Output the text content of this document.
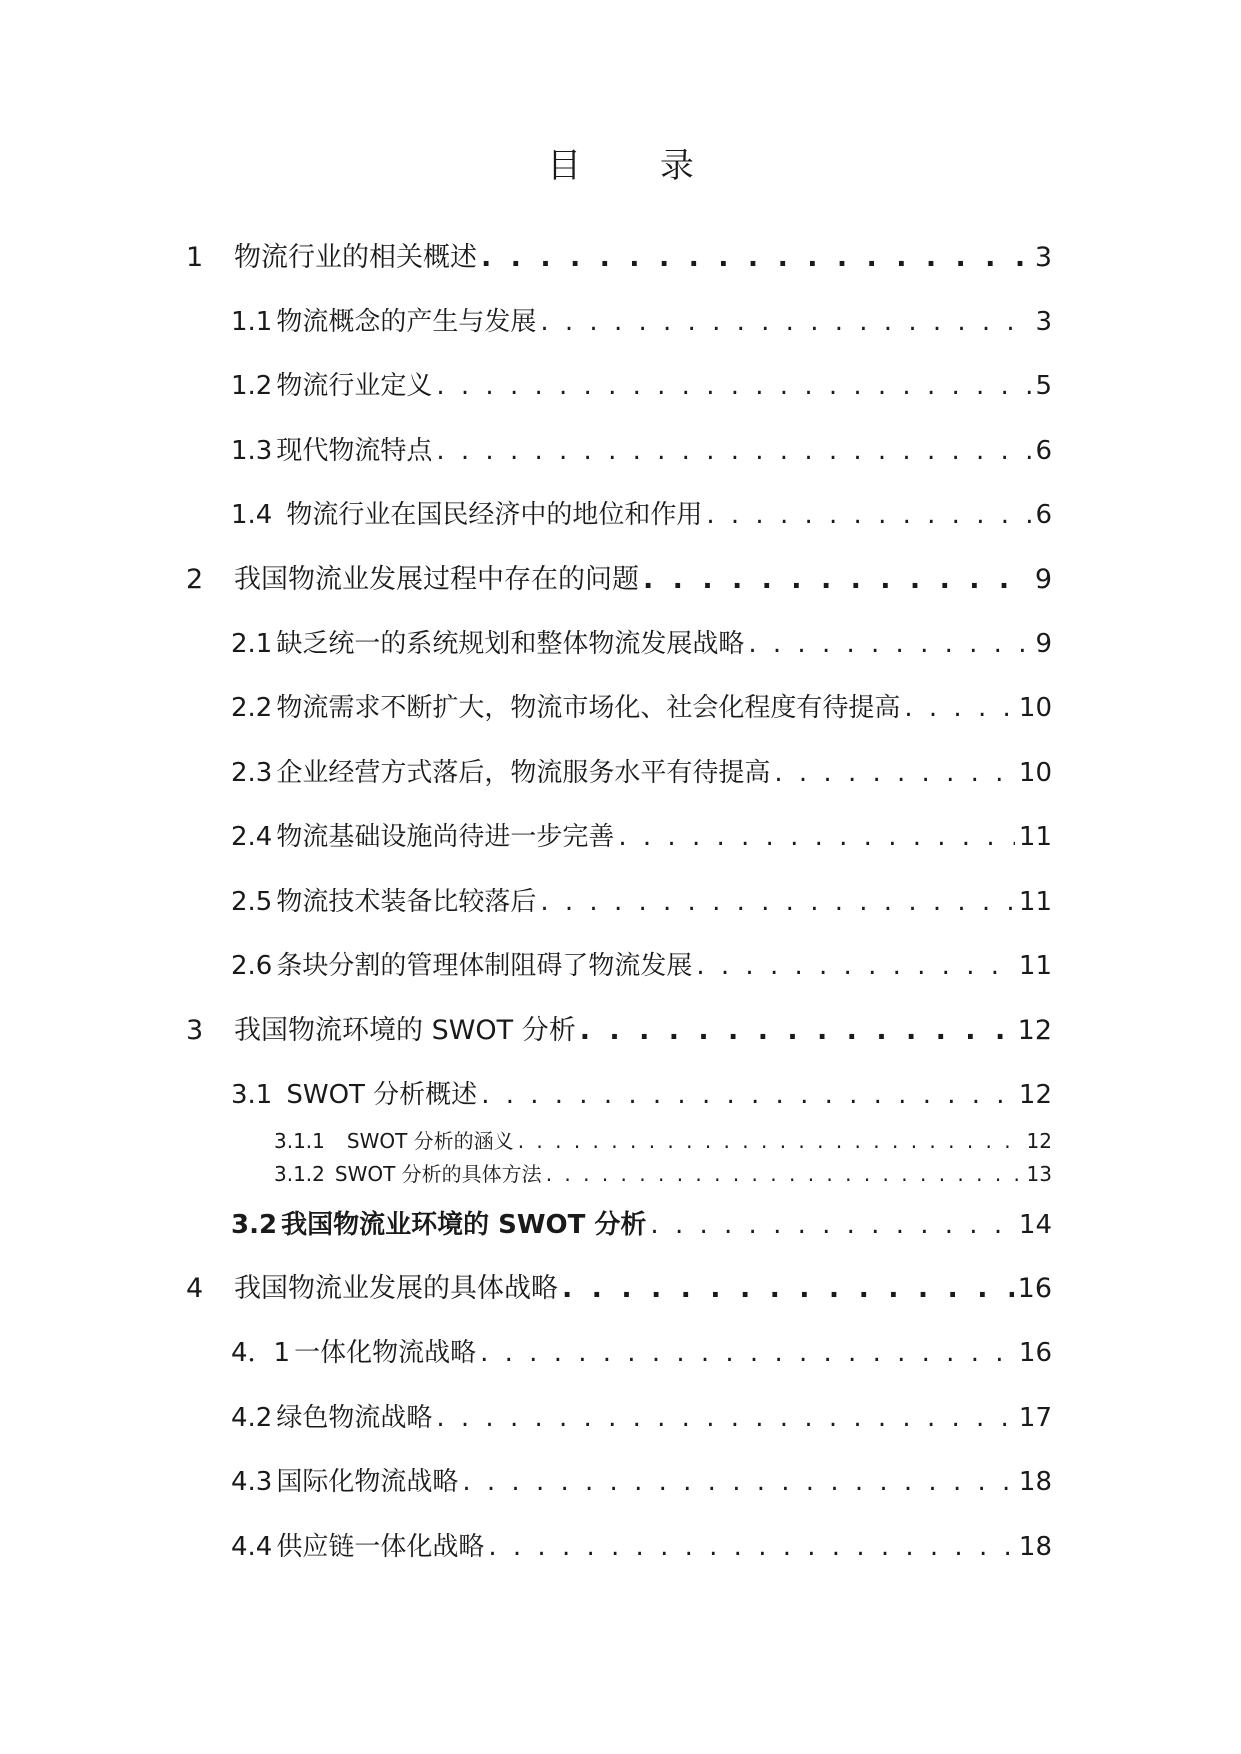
目 录
1 物流行业的相关概述 . . .	3
1.1 物流概念的产生与发展 . . .	3
1.2 物流行业定义 . . .	5
1.3 现代物流特点 . . .	6
1.4 物流行业在国民经济中的地位和作用 . . .	6
2 我国物流业发展过程中存在的问题 . . .	9
2.1 缺乏统一的系统规划和整体物流发展战略 . . .	9
2.2 物流需求不断扩大，物流市场化、社会化程度有待提高 . . .	10
2.3 企业经营方式落后，物流服务水平有待提高 . . .	10
2.4 物流基础设施尚待进一步完善 . . .	11
2.5 物流技术装备比较落后 . . .	11
2.6 条块分割的管理体制阻碍了物流发展 . . .	11
3 我国物流环境的 SWOT 分析 . . .	12
3.1 SWOT 分析概述 . . .	12
3.1.1 SWOT 分析的涵义 . . .	12
3.1.2 SWOT 分析的具体方法 . . .	13
3.2 我国物流业环境的 SWOT 分析 . . .	14
4 我国物流业发展的具体战略 . . .	16
4．1 一体化物流战略 . . .	16
4.2 绿色物流战略 . . .	17
4.3 国际化物流战略 . . .	18
4.4 供应链一体化战略 . . .	18
